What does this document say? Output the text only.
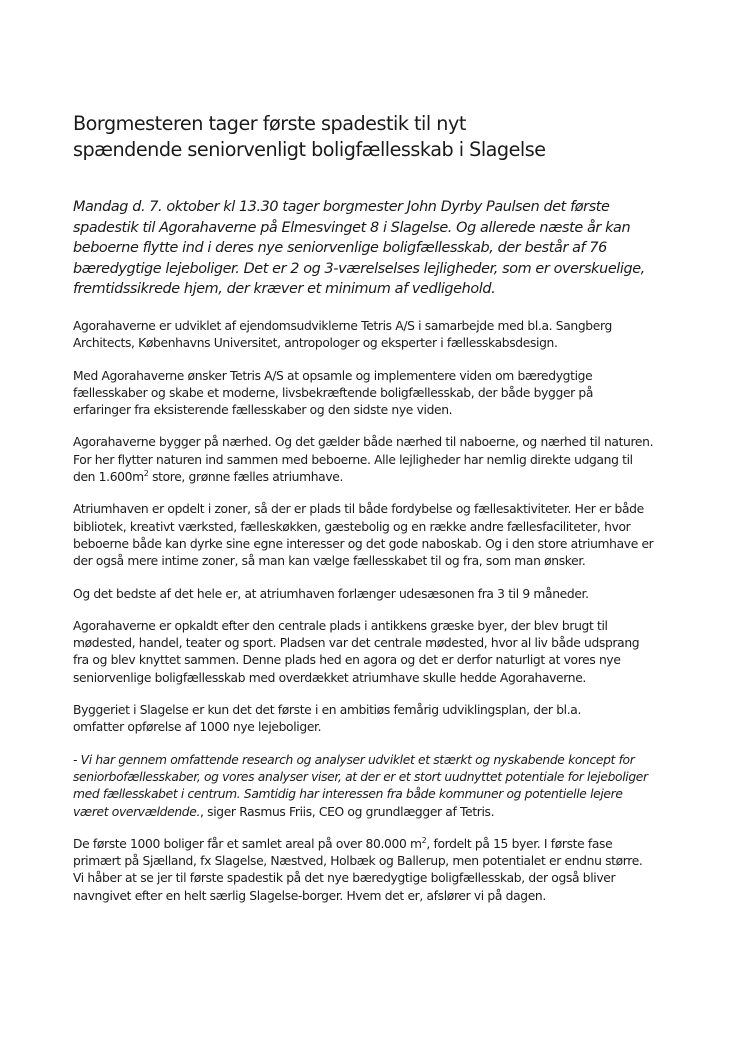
Borgmesteren tager første spadestik til nyt
spændende seniorvenligt boligfællesskab i Slagelse

Mandag d. 7. oktober kl 13.30 tager borgmester John Dyrby Paulsen det første
spadestik til Agorahaverne på Elmesvinget 8 i Slagelse. Og allerede næste år kan
beboerne flytte ind i deres nye seniorvenlige boligfællesskab, der består af 76
bæredygtige lejeboliger. Det er 2 og 3-værelselses lejligheder, som er overskuelige,
fremtidssikrede hjem, der kræver et minimum af vedligehold.

Agorahaverne er udviklet af ejendomsudviklerne Tetris A/S i samarbejde med bl.a. Sangberg
Architects, Københavns Universitet, antropologer og eksperter i fællesskabsdesign.

Med Agorahaverne ønsker Tetris A/S at opsamle og implementere viden om bæredygtige
fællesskaber og skabe et moderne, livsbekræftende boligfællesskab, der både bygger på
erfaringer fra eksisterende fællesskaber og den sidste nye viden.

Agorahaverne bygger på nærhed. Og det gælder både nærhed til naboerne, og nærhed til naturen.
For her flytter naturen ind sammen med beboerne. Alle lejligheder har nemlig direkte udgang til
den $1.600m^2$ store, grønne fælles atriumhave.

Atriumhaven er opdelt i zoner, så der er plads til både fordybelse og fællesaktiviteter. Her er både
bibliotek, kreativt værksted, fælleskøkken, gæstebolig og en række andre fællesfaciliteter, hvor
beboerne både kan dyrke sine egne interesser og det gode naboskab. Og i den store atriumhave er
der også mere intime zoner, så man kan vælge fællesskabet til og fra, som man ønsker.

Og det bedste af det hele er, at atriumhaven forlænger udesæsonen fra 3 til 9 måneder.

Agorahaverne er opkaldt efter den centrale plads i antikkens græske byer, der blev brugt til
mødested, handel, teater og sport. Pladsen var det centrale mødested, hvor al liv både udsprang
fra og blev knyttet sammen. Denne plads hed en agora og det er derfor naturligt at vores nye
seniorvenlige boligfællesskab med overdækket atriumhave skulle hedde Agorahaverne.

Byggeriet i Slagelse er kun det det første i en ambitiøs femårig udviklingsplan, der bl.a.
omfatter opførelse af 1000 nye lejeboliger.

- Vi har gennem omfattende research og analyser udviklet et stærkt og nyskabende koncept for
seniorbofællesskaber, og vores analyser viser, at der er et stort uudnyttet potentiale for lejeboliger
med fællesskabet i centrum. Samtidig har interessen fra både kommuner og potentielle lejere
været overvældende., siger Rasmus Friis, CEO og grundlægger af Tetris.

De første 1000 boliger får et samlet areal på over 80.000 $m^2$, fordelt på 15 byer. I første fase
primært på Sjælland, fx Slagelse, Næstved, Holbæk og Ballerup, men potentialet er endnu større.
Vi håber at se jer til første spadestik på det nye bæredygtige boligfællesskab, der også bliver
navngivet efter en helt særlig Slagelse-borger. Hvem det er, afslører vi på dagen.
